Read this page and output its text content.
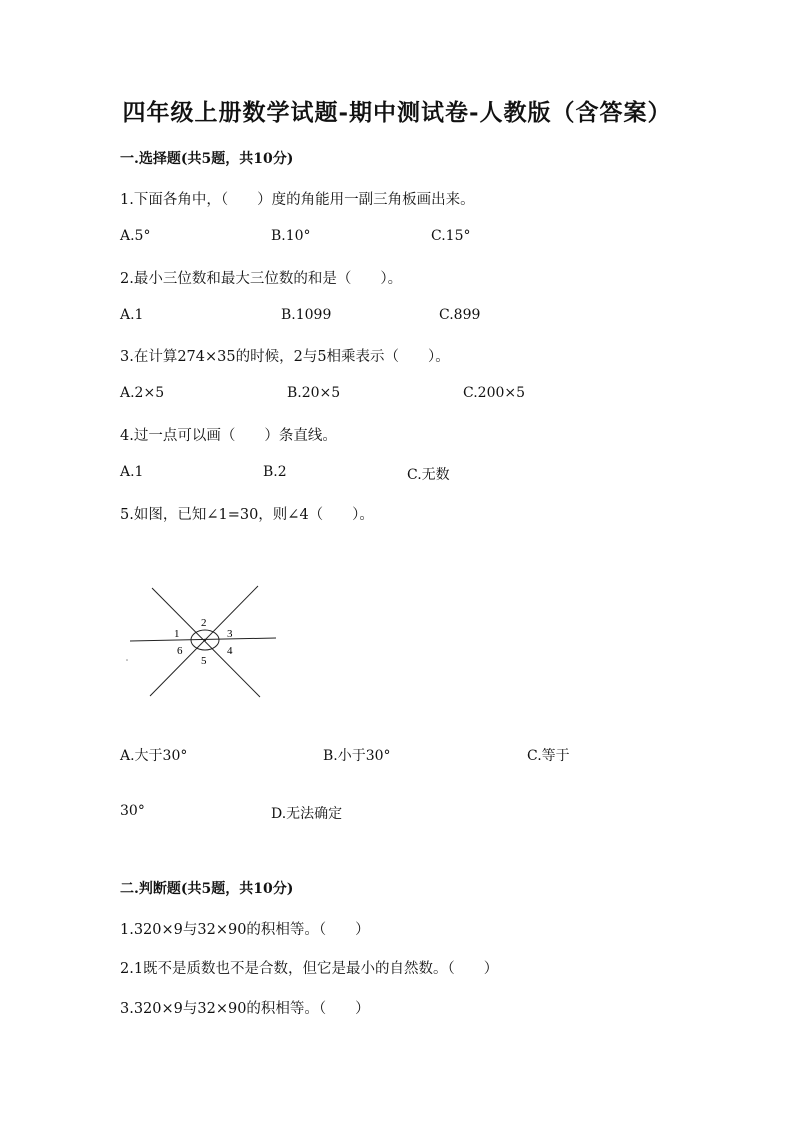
四年级上册数学试题-期中测试卷-人教版（含答案）
一.选择题(共5题，共10分)
1.下面各角中，（　　）度的角能用一副三角板画出来。
A.5°	B.10°	C.15°
2.最小三位数和最大三位数的和是（　　）。
A.1	B.1099	C.899
3.在计算274×35的时候，2与5相乘表示（　　）。
A.2×5	B.20×5	C.200×5
4.过一点可以画（　　）条直线。
A.1	B.2	C.无数
5.如图，已知∠1=30，则∠4（　　）。
1
2
3
4
5
6
A.大于30°	B.小于30°	C.等于
30°	D.无法确定
二.判断题(共5题，共10分)
1.320×9与32×90的积相等。（　　）
2.1既不是质数也不是合数，但它是最小的自然数。（　　）
3.320×9与32×90的积相等。（　　）
